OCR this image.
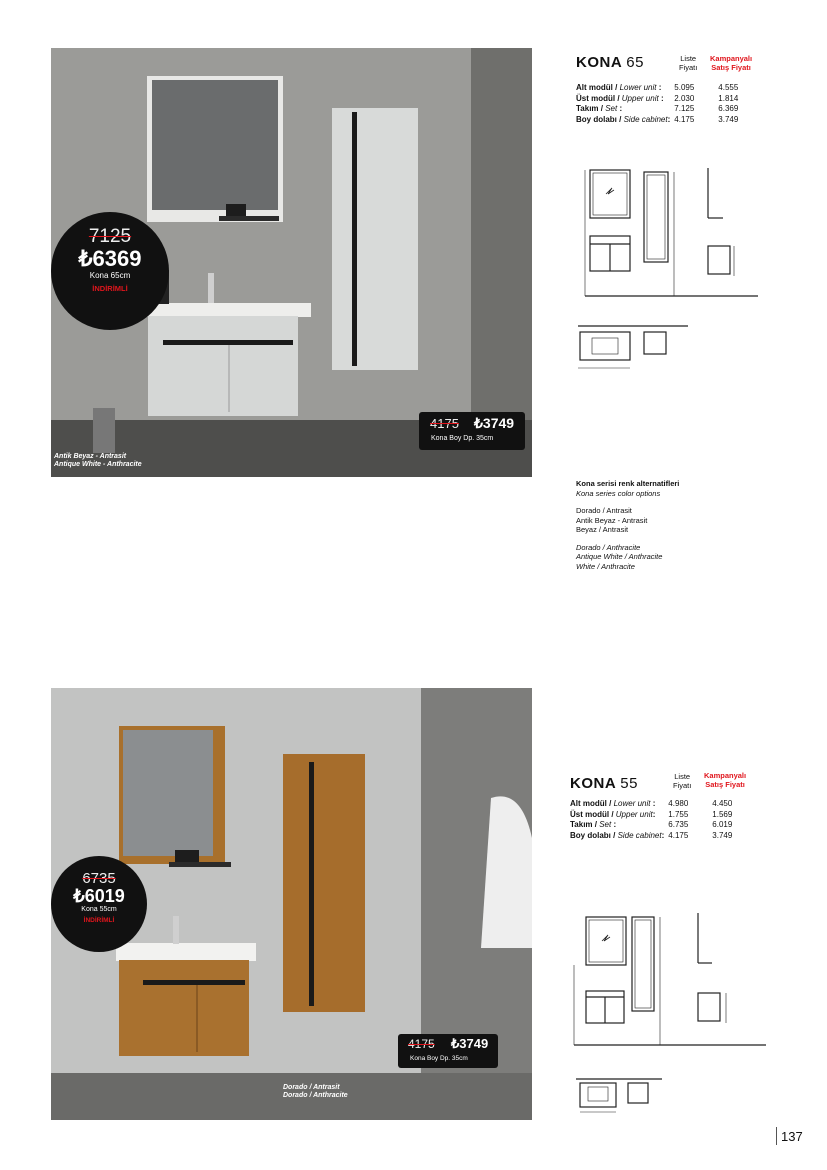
7125
₺6369
Kona 65cm
İNDİRİMLİ
4175 ₺3749
Kona Boy Dp. 35cm
Antik Beyaz - Antrasit
Antique White - Anthracite
KONA 65	Liste
Fiyatı
Kampanyalı
Satış Fiyatı
Alt modül / Lower unit :	5.095	4.555
Üst modül / Upper unit :	2.030	1.814
Takım / Set :	7.125	6.369
Boy dolabı / Side cabinet:	4.175	3.749
Kona serisi renk alternatifleri
Kona series color options
Dorado / Antrasit
Antik Beyaz - Antrasit
Beyaz / Antrasit
Dorado / Anthracite
Antique White / Anthracite
White / Anthracite
6735
₺6019
Kona 55cm
İNDİRİMLİ
4175 ₺3749
Kona Boy Dp. 35cm
Dorado / Antrasit
Dorado / Anthracite
KONA 55	Liste
Fiyatı
Kampanyalı
Satış Fiyatı
Alt modül / Lower unit :	4.980	4.450
Üst modül / Upper unit:	1.755	1.569
Takım / Set :	6.735	6.019
Boy dolabı / Side cabinet:	4.175	3.749
137
